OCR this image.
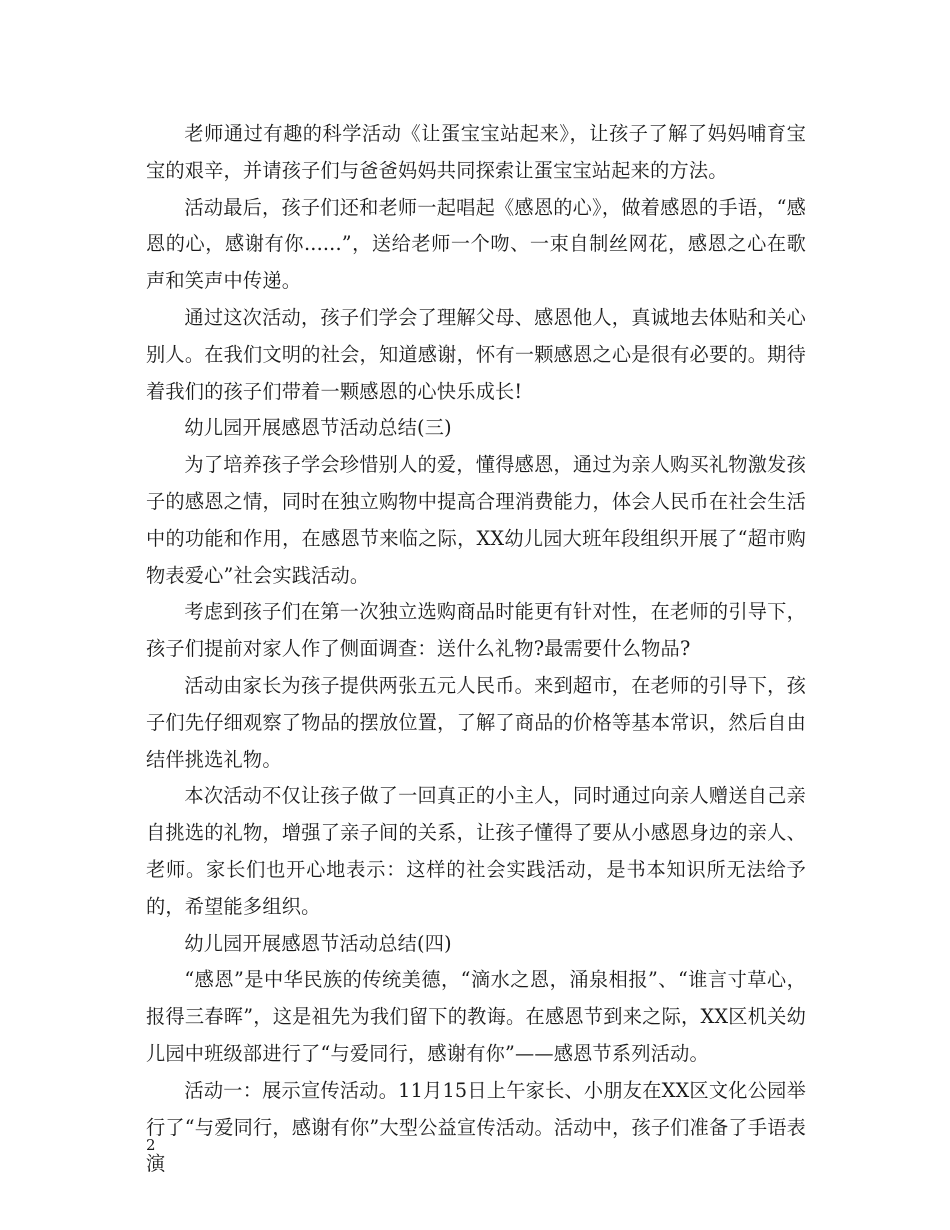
老师通过有趣的科学活动《让蛋宝宝站起来》，让孩子了解了妈妈哺育宝宝的艰辛，并请孩子们与爸爸妈妈共同探索让蛋宝宝站起来的方法。

活动最后，孩子们还和老师一起唱起《感恩的心》，做着感恩的手语，“感恩的心，感谢有你......”，送给老师一个吻、一束自制丝网花，感恩之心在歌声和笑声中传递。

通过这次活动，孩子们学会了理解父母、感恩他人，真诚地去体贴和关心别人。在我们文明的社会，知道感谢，怀有一颗感恩之心是很有必要的。期待着我们的孩子们带着一颗感恩的心快乐成长!

幼儿园开展感恩节活动总结(三)

为了培养孩子学会珍惜别人的爱，懂得感恩，通过为亲人购买礼物激发孩子的感恩之情，同时在独立购物中提高合理消费能力，体会人民币在社会生活中的功能和作用，在感恩节来临之际，XX幼儿园大班年段组织开展了“超市购物表爱心”社会实践活动。

考虑到孩子们在第一次独立选购商品时能更有针对性，在老师的引导下，孩子们提前对家人作了侧面调查：送什么礼物?最需要什么物品?

活动由家长为孩子提供两张五元人民币。来到超市，在老师的引导下，孩子们先仔细观察了物品的摆放位置，了解了商品的价格等基本常识，然后自由结伴挑选礼物。

本次活动不仅让孩子做了一回真正的小主人，同时通过向亲人赠送自己亲自挑选的礼物，增强了亲子间的关系，让孩子懂得了要从小感恩身边的亲人、老师。家长们也开心地表示：这样的社会实践活动，是书本知识所无法给予的，希望能多组织。

幼儿园开展感恩节活动总结(四)

“感恩”是中华民族的传统美德，“滴水之恩，涌泉相报”、“谁言寸草心，报得三春晖”，这是祖先为我们留下的教诲。在感恩节到来之际，XX区机关幼儿园中班级部进行了“与爱同行，感谢有你”——感恩节系列活动。

活动一：展示宣传活动。11月15日上午家长、小朋友在XX区文化公园举行了“与爱同行，感谢有你”大型公益宣传活动。活动中，孩子们准备了手语表演

2
